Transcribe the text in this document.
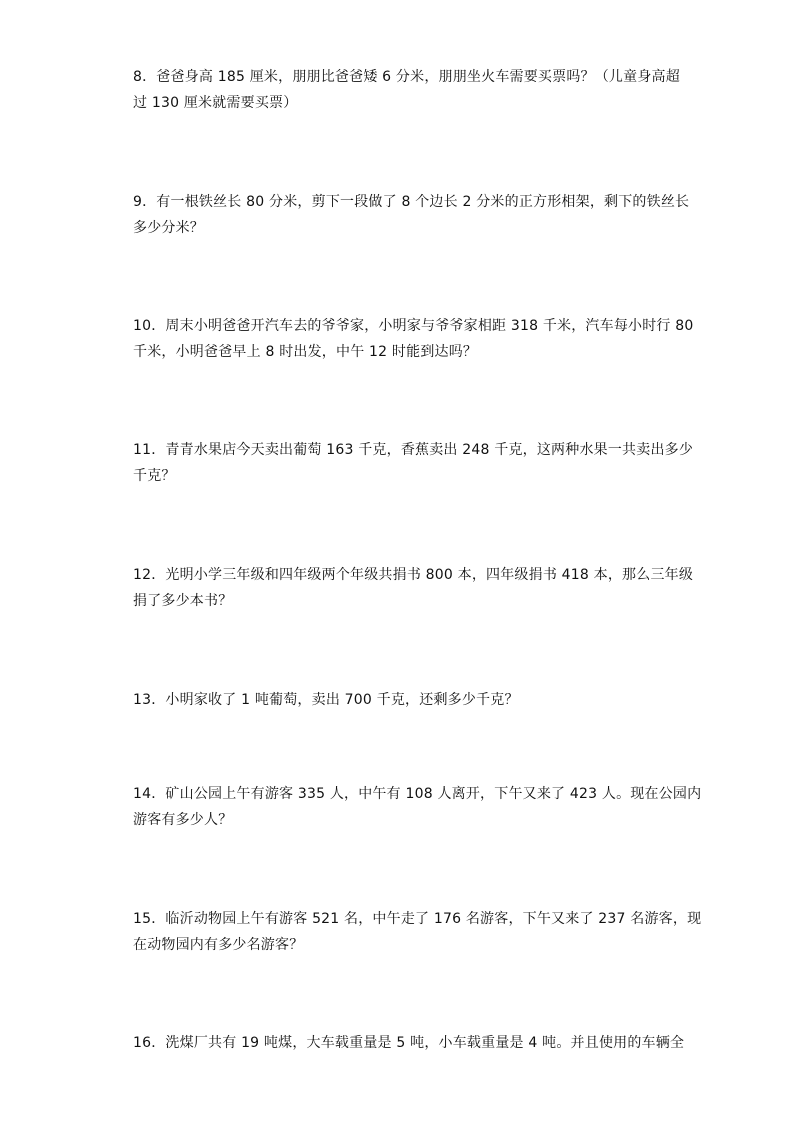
8．爸爸身高 185 厘米，朋朋比爸爸矮 6 分米，朋朋坐火车需要买票吗？（儿童身高超
过 130 厘米就需要买票）
9．有一根铁丝长 80 分米，剪下一段做了 8 个边长 2 分米的正方形相架，剩下的铁丝长
多少分米？
10．周末小明爸爸开汽车去的爷爷家，小明家与爷爷家相距 318 千米，汽车每小时行 80
千米，小明爸爸早上 8 时出发，中午 12 时能到达吗？
11．青青水果店今天卖出葡萄 163 千克，香蕉卖出 248 千克，这两种水果一共卖出多少
千克？
12．光明小学三年级和四年级两个年级共捐书 800 本，四年级捐书 418 本，那么三年级
捐了多少本书？
13．小明家收了 1 吨葡萄，卖出 700 千克，还剩多少千克？
14．矿山公园上午有游客 335 人，中午有 108 人离开，下午又来了 423 人。现在公园内
游客有多少人？
15．临沂动物园上午有游客 521 名，中午走了 176 名游客，下午又来了 237 名游客，现
在动物园内有多少名游客？
16．洗煤厂共有 19 吨煤，大车载重量是 5 吨，小车载重量是 4 吨。并且使用的车辆全
